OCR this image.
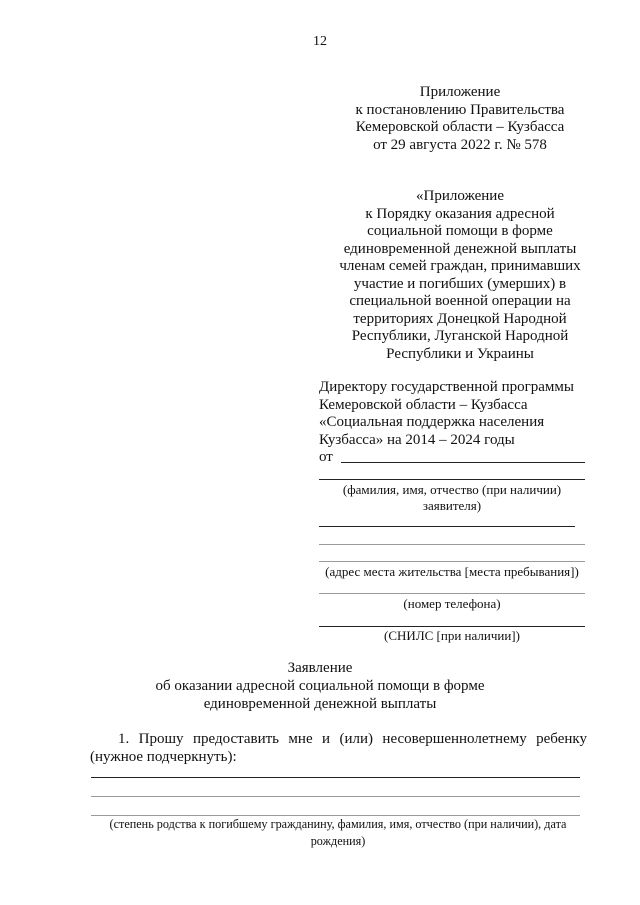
12
Приложение
к постановлению Правительства
Кемеровской области – Кузбасса
от 29 августа 2022 г. № 578
«Приложение
к Порядку оказания адресной
социальной помощи в форме
единовременной денежной выплаты
членам семей граждан, принимавших
участие и погибших (умерших) в
специальной военной операции на
территориях Донецкой Народной
Республики, Луганской Народной
Республики и Украины
Директору государственной программы
Кемеровской области – Кузбасса
«Социальная поддержка населения
Кузбасса» на 2014 – 2024 годы
от
(фамилия, имя, отчество (при наличии)
заявителя)
(адрес места жительства [места пребывания])
(номер телефона)
(СНИЛС [при наличии])
Заявление
об оказании адресной социальной помощи в форме
единовременной денежной выплаты
1. Прошу предоставить мне и (или) несовершеннолетнему ребенку
(нужное подчеркнуть):
(степень родства к погибшему гражданину, фамилия, имя, отчество (при наличии), дата
рождения)
